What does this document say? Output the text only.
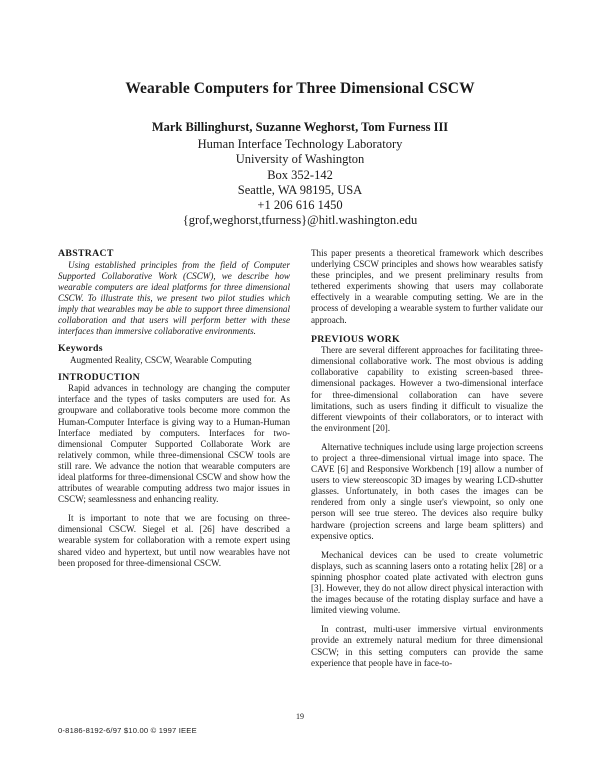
Wearable Computers for Three Dimensional CSCW
Mark Billinghurst, Suzanne Weghorst, Tom Furness III
Human Interface Technology Laboratory
University of Washington
Box 352-142
Seattle, WA 98195, USA
+1 206 616 1450
{grof,weghorst,tfurness}@hitl.washington.edu
ABSTRACT
Using established principles from the field of Computer Supported Collaborative Work (CSCW), we describe how wearable computers are ideal platforms for three dimensional CSCW. To illustrate this, we present two pilot studies which imply that wearables may be able to support three dimensional collaboration and that users will perform better with these interfaces than immersive collaborative environments.
Keywords
Augmented Reality, CSCW, Wearable Computing
INTRODUCTION

Rapid advances in technology are changing the computer interface and the types of tasks computers are used for. As groupware and collaborative tools become more common the Human-Computer Interface is giving way to a Human-Human Interface mediated by computers. Interfaces for two-dimensional Computer Supported Collaborate Work are relatively common, while three-dimensional CSCW tools are still rare. We advance the notion that wearable computers are ideal platforms for three-dimensional CSCW and show how the attributes of wearable computing address two major issues in CSCW; seamlessness and enhancing reality.

It is important to note that we are focusing on three-dimensional CSCW. Siegel et al. [26] have described a wearable system for collaboration with a remote expert using shared video and hypertext, but until now wearables have not been proposed for three-dimensional CSCW.

This paper presents a theoretical framework which describes underlying CSCW principles and shows how wearables satisfy these principles, and we present preliminary results from tethered experiments showing that users may collaborate effectively in a wearable computing setting. We are in the process of developing a wearable system to further validate our approach.

PREVIOUS WORK

There are several different approaches for facilitating three-dimensional collaborative work. The most obvious is adding collaborative capability to existing screen-based three-dimensional packages. However a two-dimensional interface for three-dimensional collaboration can have severe limitations, such as users finding it difficult to visualize the different viewpoints of their collaborators, or to interact with the environment [20].

Alternative techniques include using large projection screens to project a three-dimensional virtual image into space. The CAVE [6] and Responsive Workbench [19] allow a number of users to view stereoscopic 3D images by wearing LCD-shutter glasses. Unfortunately, in both cases the images can be rendered from only a single user's viewpoint, so only one person will see true stereo. The devices also require bulky hardware (projection screens and large beam splitters) and expensive optics.

Mechanical devices can be used to create volumetric displays, such as scanning lasers onto a rotating helix [28] or a spinning phosphor coated plate activated with electron guns [3]. However, they do not allow direct physical interaction with the images because of the rotating display surface and have a limited viewing volume.

In contrast, multi-user immersive virtual environments provide an extremely natural medium for three dimensional CSCW; in this setting computers can provide the same experience that people have in face-to-

19
0-8186-8192-6/97 $10.00 © 1997 IEEE
